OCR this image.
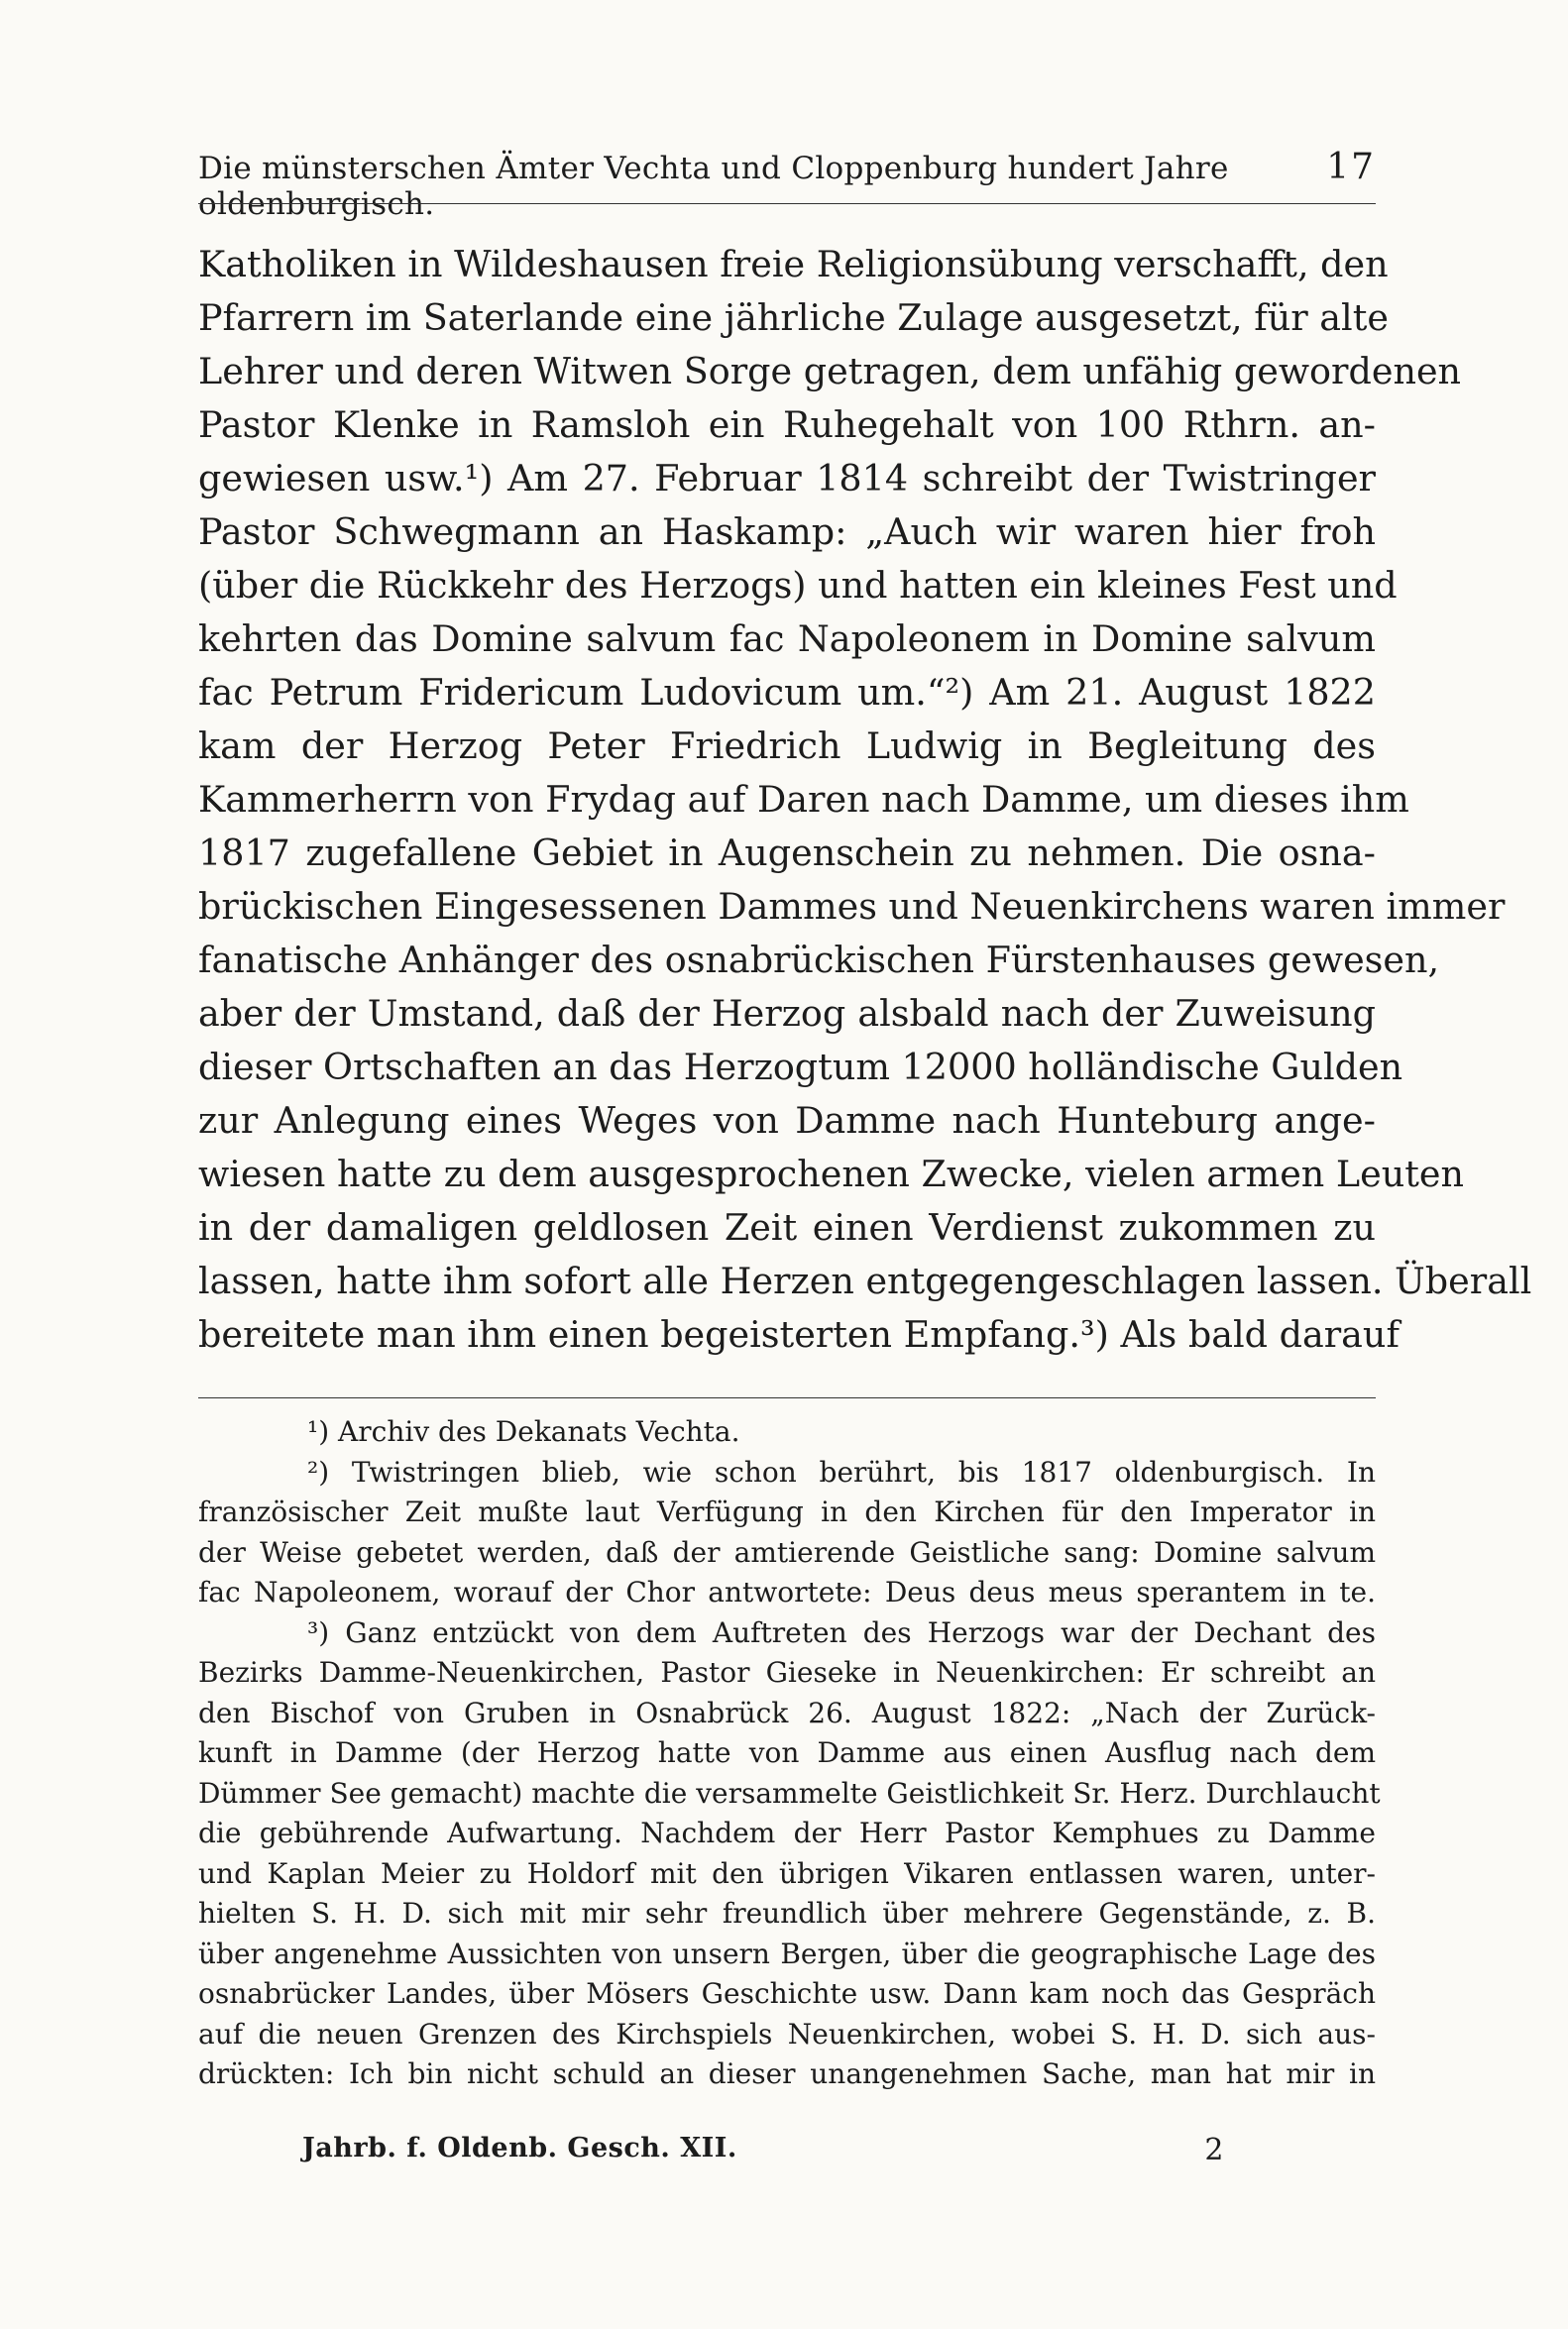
Die münsterschen Ämter Vechta und Cloppenburg hundert Jahre oldenburgisch.
17
Katholiken in Wildeshausen freie Religionsübung verschafft, den
Pfarrern im Saterlande eine jährliche Zulage ausgesetzt, für alte
Lehrer und deren Witwen Sorge getragen, dem unfähig gewordenen
Pastor Klenke in Ramsloh ein Ruhegehalt von 100 Rthrn. an-
gewiesen usw.¹) Am 27. Februar 1814 schreibt der Twistringer
Pastor Schwegmann an Haskamp: „Auch wir waren hier froh
(über die Rückkehr des Herzogs) und hatten ein kleines Fest und
kehrten das Domine salvum fac Napoleonem in Domine salvum
fac Petrum Fridericum Ludovicum um.“²) Am 21. August 1822
kam der Herzog Peter Friedrich Ludwig in Begleitung des
Kammerherrn von Frydag auf Daren nach Damme, um dieses ihm
1817 zugefallene Gebiet in Augenschein zu nehmen. Die osna-
brückischen Eingesessenen Dammes und Neuenkirchens waren immer
fanatische Anhänger des osnabrückischen Fürstenhauses gewesen,
aber der Umstand, daß der Herzog alsbald nach der Zuweisung
dieser Ortschaften an das Herzogtum 12000 holländische Gulden
zur Anlegung eines Weges von Damme nach Hunteburg ange-
wiesen hatte zu dem ausgesprochenen Zwecke, vielen armen Leuten
in der damaligen geldlosen Zeit einen Verdienst zukommen zu
lassen, hatte ihm sofort alle Herzen entgegengeschlagen lassen. Überall
bereitete man ihm einen begeisterten Empfang.³) Als bald darauf
¹) Archiv des Dekanats Vechta.
²) Twistringen blieb, wie schon berührt, bis 1817 oldenburgisch. In
französischer Zeit mußte laut Verfügung in den Kirchen für den Imperator in
der Weise gebetet werden, daß der amtierende Geistliche sang: Domine salvum
fac Napoleonem, worauf der Chor antwortete: Deus deus meus sperantem in te.
³) Ganz entzückt von dem Auftreten des Herzogs war der Dechant des
Bezirks Damme-Neuenkirchen, Pastor Gieseke in Neuenkirchen: Er schreibt an
den Bischof von Gruben in Osnabrück 26. August 1822: „Nach der Zurück-
kunft in Damme (der Herzog hatte von Damme aus einen Ausflug nach dem
Dümmer See gemacht) machte die versammelte Geistlichkeit Sr. Herz. Durchlaucht
die gebührende Aufwartung. Nachdem der Herr Pastor Kemphues zu Damme
und Kaplan Meier zu Holdorf mit den übrigen Vikaren entlassen waren, unter-
hielten S. H. D. sich mit mir sehr freundlich über mehrere Gegenstände, z. B.
über angenehme Aussichten von unsern Bergen, über die geographische Lage des
osnabrücker Landes, über Mösers Geschichte usw. Dann kam noch das Gespräch
auf die neuen Grenzen des Kirchspiels Neuenkirchen, wobei S. H. D. sich aus-
drückten: Ich bin nicht schuld an dieser unangenehmen Sache, man hat mir in
Jahrb. f. Oldenb. Gesch. XII.	2
